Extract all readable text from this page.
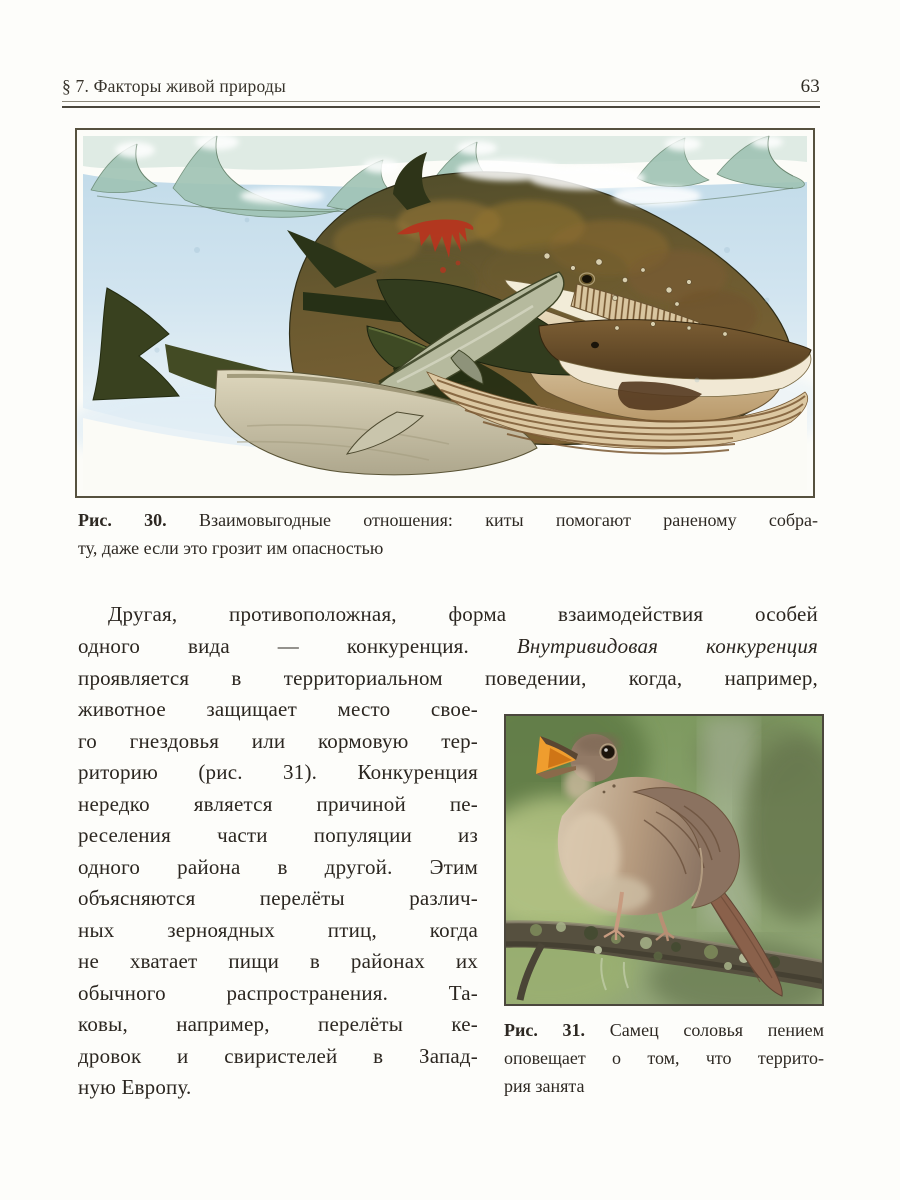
§ 7. Факторы живой природы	63
Рис. 30. Взаимовыгодные отношения: киты помогают раненому собра-
ту, даже если это грозит им опасностью

Другая, противоположная, форма взаимодействия особей

одного вида — конкуренция. Внутривидовая конкуренция

проявляется в территориальном поведении, когда, например,

животное защищает место свое-

го гнездовья или кормовую тер-

риторию (рис. 31). Конкуренция

нередко является причиной пе-

реселения части популяции из

одного района в другой. Этим

объясняются перелёты различ-

ных зерноядных птиц, когда

не хватает пищи в районах их

обычного распространения. Та-

ковы, например, перелёты ке-

дровок и свиристелей в Запад-

ную Европу.

Рис. 31. Самец соловья пением
оповещает о том, что террито-
рия занята
